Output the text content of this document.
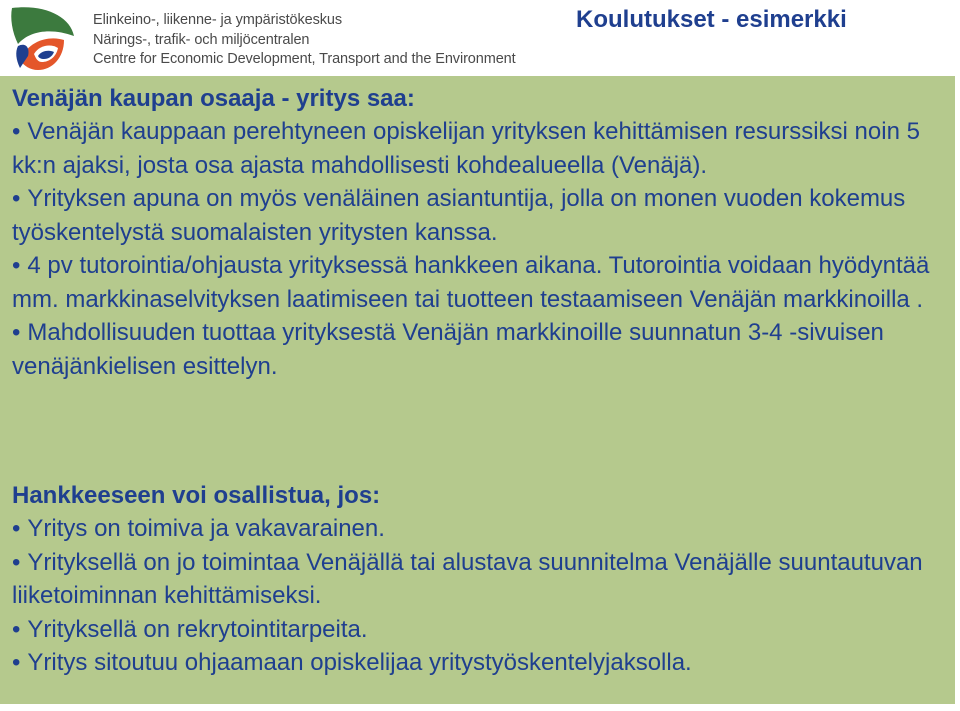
Elinkeino-, liikenne- ja ympäristökeskus
Närings-, trafik- och miljöcentralen
Centre for Economic Development, Transport and the Environment
Koulutukset - esimerkki
Venäjän kaupan osaaja - yritys saa:
• Venäjän kauppaan perehtyneen opiskelijan yrityksen kehittämisen resurssiksi noin 5 kk:n ajaksi, josta osa ajasta mahdollisesti kohdealueella (Venäjä).
• Yrityksen apuna on myös venäläinen asiantuntija, jolla on monen vuoden kokemus työskentelystä suomalaisten yritysten kanssa.
• 4 pv tutorointia/ohjausta yrityksessä hankkeen aikana. Tutorointia voidaan hyödyntää mm. markkinaselvityksen laatimiseen tai tuotteen testaamiseen Venäjän markkinoilla .
• Mahdollisuuden tuottaa yrityksestä Venäjän markkinoille suunnatun 3-4 -sivuisen venäjänkielisen esittelyn.
Hankkeeseen voi osallistua, jos:
• Yritys on toimiva ja vakavarainen.
• Yrityksellä on jo toimintaa Venäjällä tai alustava suunnitelma Venäjälle suuntautuvan liiketoiminnan kehittämiseksi.
• Yrityksellä on rekrytointitarpeita.
• Yritys sitoutuu ohjaamaan opiskelijaa yritystyöskentelyjaksolla.
